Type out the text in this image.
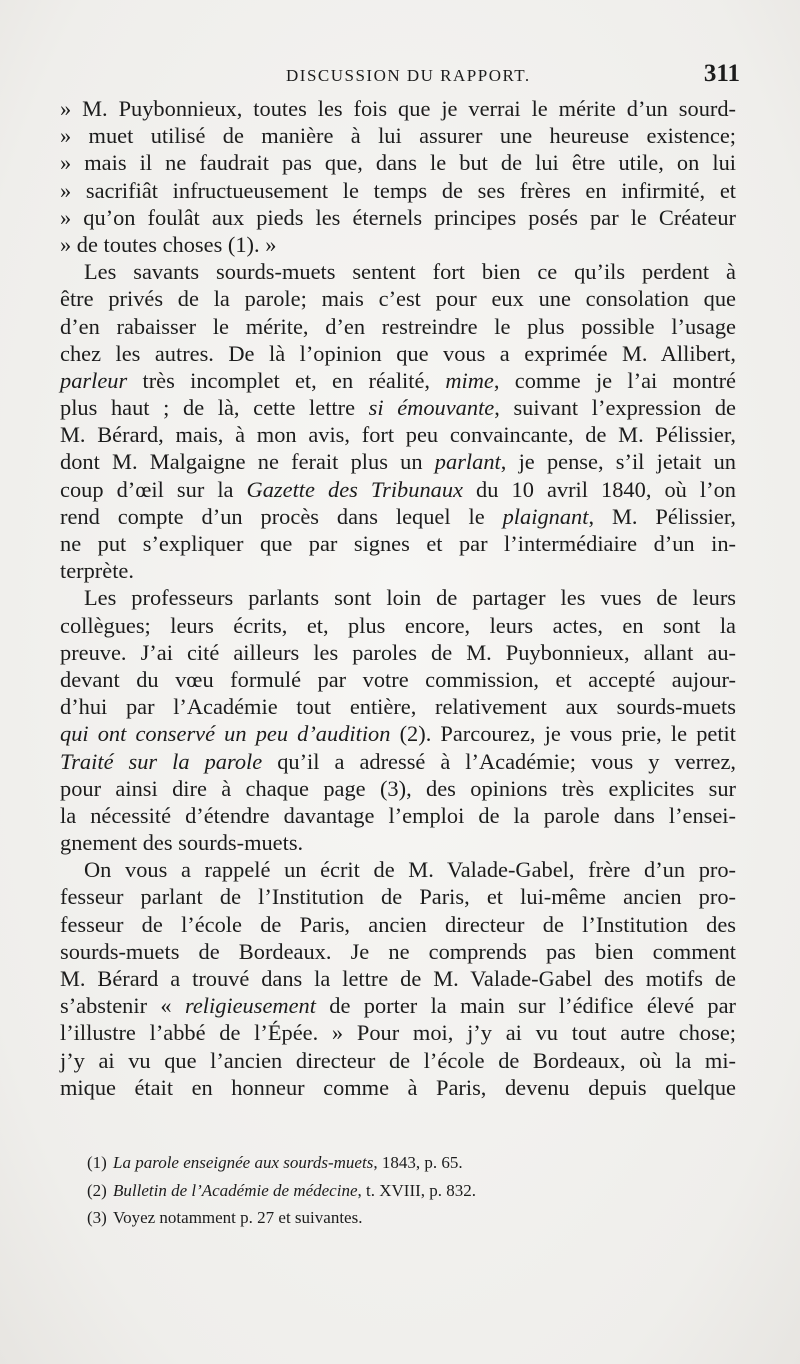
DISCUSSION DU RAPPORT.	311
» M. Puybonnieux, toutes les fois que je verrai le mérite d’un sourd-
» muet utilisé de manière à lui assurer une heureuse existence;
» mais il ne faudrait pas que, dans le but de lui être utile, on lui
» sacrifiât infructueusement le temps de ses frères en infirmité, et
» qu’on foulât aux pieds les éternels principes posés par le Créateur
» de toutes choses (1). »
Les savants sourds-muets sentent fort bien ce qu’ils perdent à
être privés de la parole; mais c’est pour eux une consolation que
d’en rabaisser le mérite, d’en restreindre le plus possible l’usage
chez les autres. De là l’opinion que vous a exprimée M. Allibert,
parleur très incomplet et, en réalité, mime, comme je l’ai montré
plus haut ; de là, cette lettre si émouvante, suivant l’expression de
M. Bérard, mais, à mon avis, fort peu convaincante, de M. Pélissier,
dont M. Malgaigne ne ferait plus un parlant, je pense, s’il jetait un
coup d’œil sur la Gazette des Tribunaux du 10 avril 1840, où l’on
rend compte d’un procès dans lequel le plaignant, M. Pélissier,
ne put s’expliquer que par signes et par l’intermédiaire d’un in-
terprète.
Les professeurs parlants sont loin de partager les vues de leurs
collègues; leurs écrits, et, plus encore, leurs actes, en sont la
preuve. J’ai cité ailleurs les paroles de M. Puybonnieux, allant au-
devant du vœu formulé par votre commission, et accepté aujour-
d’hui par l’Académie tout entière, relativement aux sourds-muets
qui ont conservé un peu d’audition (2). Parcourez, je vous prie, le petit
Traité sur la parole qu’il a adressé à l’Académie; vous y verrez,
pour ainsi dire à chaque page (3), des opinions très explicites sur
la nécessité d’étendre davantage l’emploi de la parole dans l’ensei-
gnement des sourds-muets.
On vous a rappelé un écrit de M. Valade-Gabel, frère d’un pro-
fesseur parlant de l’Institution de Paris, et lui-même ancien pro-
fesseur de l’école de Paris, ancien directeur de l’Institution des
sourds-muets de Bordeaux. Je ne comprends pas bien comment
M. Bérard a trouvé dans la lettre de M. Valade-Gabel des motifs de
s’abstenir « religieusement de porter la main sur l’édifice élevé par
l’illustre l’abbé de l’Épée. » Pour moi, j’y ai vu tout autre chose;
j’y ai vu que l’ancien directeur de l’école de Bordeaux, où la mi-
mique était en honneur comme à Paris, devenu depuis quelque
(1) La parole enseignée aux sourds-muets, 1843, p. 65.
(2) Bulletin de l’Académie de médecine, t. XVIII, p. 832.
(3) Voyez notamment p. 27 et suivantes.
